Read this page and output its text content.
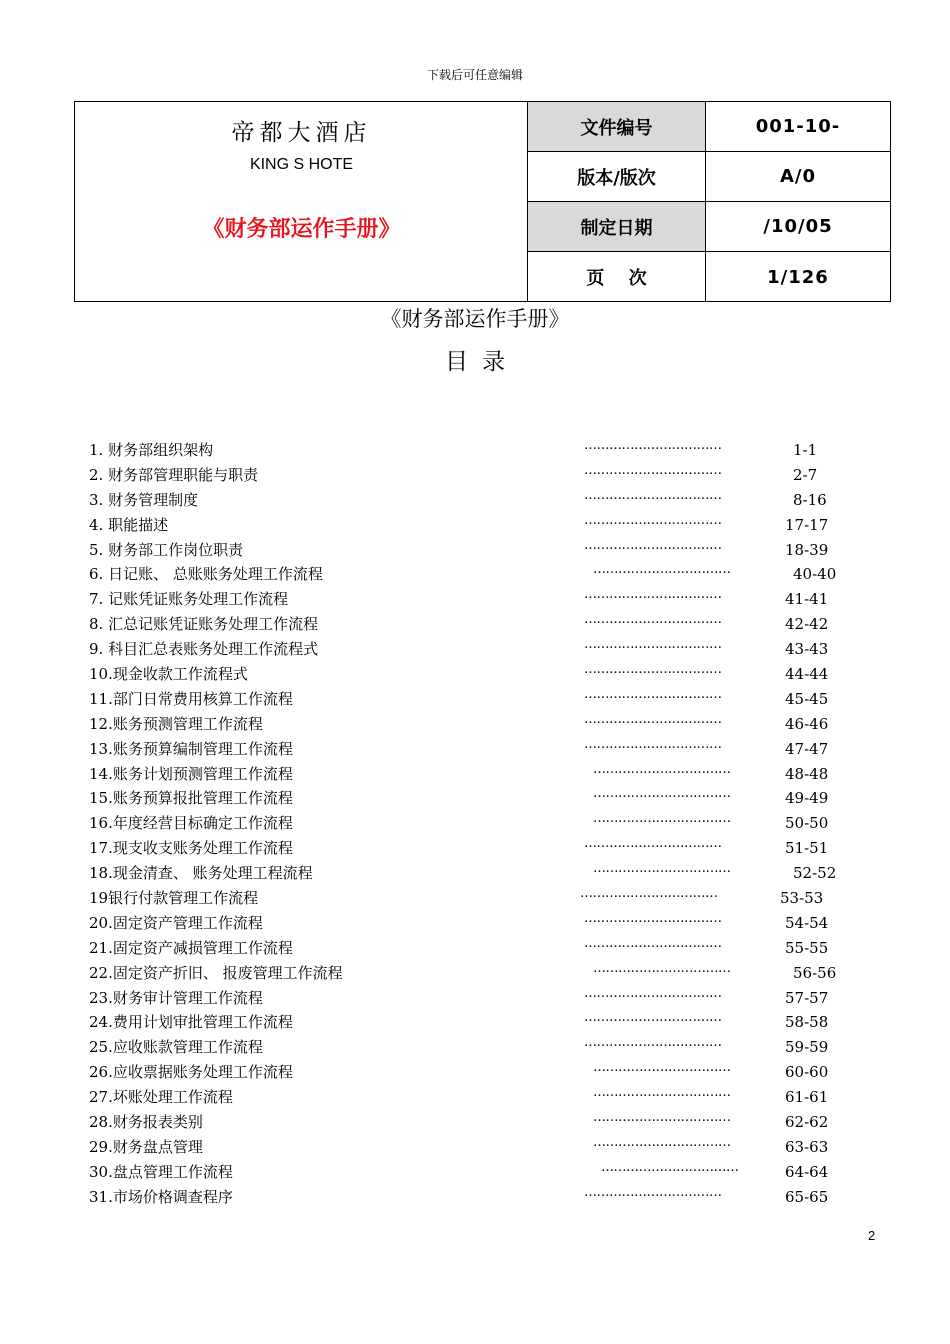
下载后可任意编辑
帝都大酒店
KING S HOTE
《财务部运作手册》
文件编号	001-10-
版本/版次	A/0
制定日期	/10/05
页　 次	1/126
《财务部运作手册》
目录
1. 财务部组织架构	……………………………	1-1
2. 财务部管理职能与职责	……………………………	2-7
3. 财务管理制度	……………………………	8-16
4. 职能描述	……………………………	17-17
5. 财务部工作岗位职责	……………………………	18-39
6. 日记账、 总账账务处理工作流程	……………………………	40-40
7. 记账凭证账务处理工作流程	……………………………	41-41
8. 汇总记账凭证账务处理工作流程	……………………………	42-42
9. 科目汇总表账务处理工作流程式	……………………………	43-43
10.现金收款工作流程式	……………………………	44-44
11.部门日常费用核算工作流程	……………………………	45-45
12.账务预测管理工作流程	……………………………	46-46
13.账务预算编制管理工作流程	……………………………	47-47
14.账务计划预测管理工作流程	……………………………	48-48
15.账务预算报批管理工作流程	……………………………	49-49
16.年度经营目标确定工作流程	……………………………	50-50
17.现支收支账务处理工作流程	……………………………	51-51
18.现金清查、 账务处理工程流程	……………………………	52-52
19银行付款管理工作流程	……………………………	53-53
20.固定资产管理工作流程	……………………………	54-54
21.固定资产减损管理工作流程	……………………………	55-55
22.固定资产折旧、 报废管理工作流程	……………………………	56-56
23.财务审计管理工作流程	……………………………	57-57
24.费用计划审批管理工作流程	……………………………	58-58
25.应收账款管理工作流程	……………………………	59-59
26.应收票据账务处理工作流程	……………………………	60-60
27.坏账处理工作流程	……………………………	61-61
28.财务报表类别	……………………………	62-62
29.财务盘点管理	……………………………	63-63
30.盘点管理工作流程	……………………………	64-64
31.市场价格调查程序	……………………………	65-65
2
